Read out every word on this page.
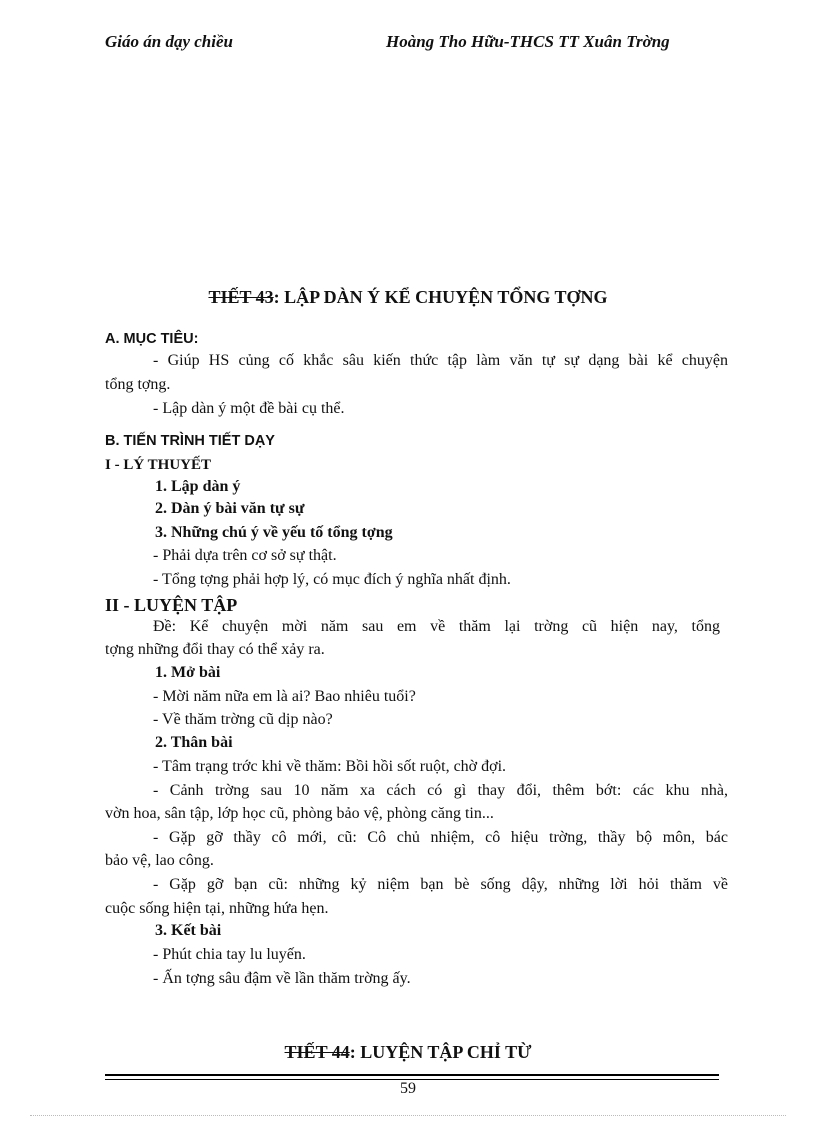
Giáo án dạy chiều	Hoàng Tho Hữu-THCS TT Xuân Trờng
TIẾT 43: LẬP DÀN Ý KỂ CHUYỆN TỔNG TỢNG
A. MỤC TIÊU:
- Giúp HS củng cố khắc sâu kiến thức tập làm văn tự sự dạng bài kể chuyện
tổng tợng.
- Lập dàn ý một đề bài cụ thể.
B. TIẾN TRÌNH TIẾT DẠY
I - LÝ THUYẾT
1. Lập dàn ý
2. Dàn ý bài văn tự sự
3. Những chú ý về yếu tố tổng tợng
- Phải dựa trên cơ sở sự thật.
- Tổng tợng phải hợp lý, có mục đích ý nghĩa nhất định.
II - LUYỆN TẬP
Đề: Kể chuyện mời năm sau em về thăm lại trờng cũ hiện nay, tổng
tợng những đổi thay có thể xảy ra.
1. Mở bài
- Mời năm nữa em là ai? Bao nhiêu tuổi?
- Về thăm trờng cũ dịp nào?
2. Thân bài
- Tâm trạng trớc khi về thăm: Bồi hồi sốt ruột, chờ đợi.
- Cảnh trờng sau 10 năm xa cách có gì thay đổi, thêm bớt: các khu nhà,
vờn hoa, sân tập, lớp học cũ, phòng bảo vệ, phòng căng tin...
- Gặp gỡ thầy cô mới, cũ: Cô chủ nhiệm, cô hiệu trờng, thầy bộ môn, bác
bảo vệ, lao công.
- Gặp gỡ bạn cũ: những kỷ niệm bạn bè sống dậy, những lời hỏi thăm về
cuộc sống hiện tại, những hứa hẹn.
3. Kết bài
- Phút chia tay lu luyến.
- Ấn tợng sâu đậm về lần thăm trờng ấy.
TIẾT 44: LUYỆN TẬP CHỈ TỪ
59
